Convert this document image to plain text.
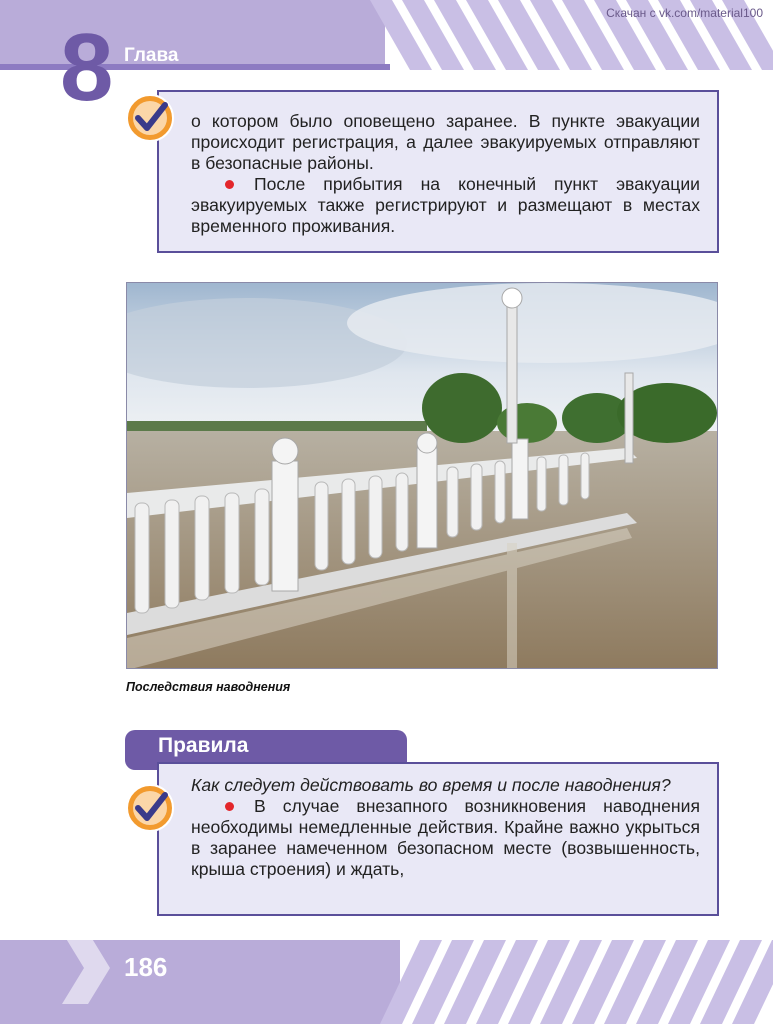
Скачан с vk.com/material100
8 Глава

о котором было оповещено заранее. В пункте эвакуации происходит регистрация, а далее эвакуируемых отправляют в безопасные районы.

После прибытия на конечный пункт эвакуации эвакуируемых также регистрируют и размещают в местах временного проживания.

Последствия наводнения
Правила

Как следует действовать во время и после наводнения?

В случае внезапного возникновения наводнения необходимы немедленные действия. Крайне важно укрыться в заранее намеченном безопасном месте (возвышенность, крыша строения) и ждать,

186
